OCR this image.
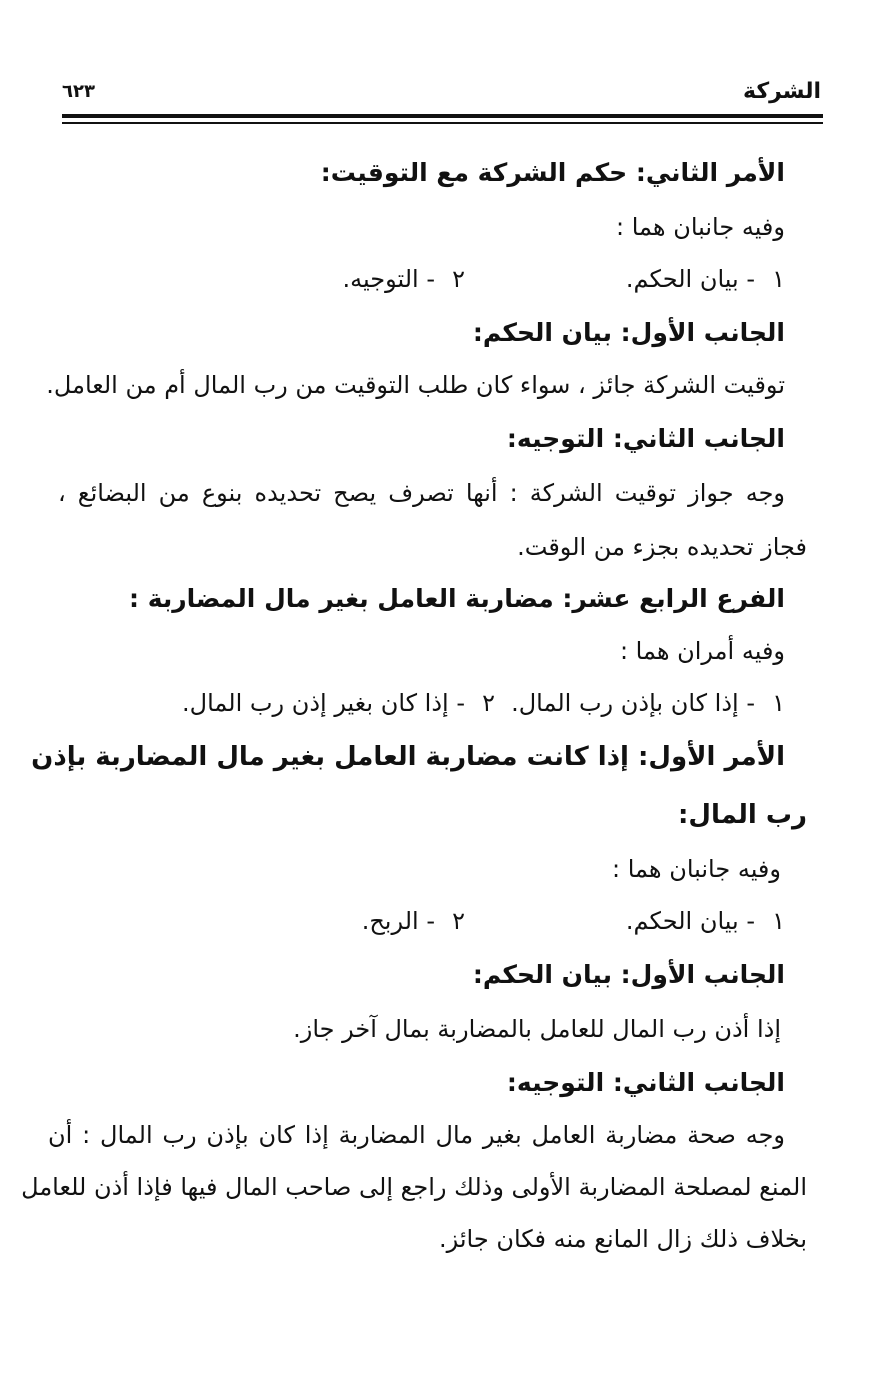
الشركة
٦٢٣
الأمر الثاني: حكم الشركة مع التوقيت:
وفيه جانبان هما :
١
- بيان الحكم.
٢
- التوجيه.
الجانب الأول: بيان الحكم:
توقيت الشركة جائز ، سواء كان طلب التوقيت من رب المال أم من العامل.
الجانب الثاني: التوجيه:
وجه جواز توقيت الشركة : أنها تصرف يصح تحديده بنوع من البضائع ،
فجاز تحديده بجزء من الوقت.
الفرع الرابع عشر: مضاربة العامل بغير مال المضاربة :
وفيه أمران هما :
١
- إذا كان بإذن رب المال.
٢
- إذا كان بغير إذن رب المال.
الأمر الأول: إذا كانت مضاربة العامل بغير مال المضاربة بإذن
رب المال:
وفيه جانبان هما :
١
- بيان الحكم.
٢
- الربح.
الجانب الأول: بيان الحكم:
إذا أذن رب المال للعامل بالمضاربة بمال آخر جاز.
الجانب الثاني: التوجيه:
وجه صحة مضاربة العامل بغير مال المضاربة إذا كان بإذن رب المال : أن
المنع لمصلحة المضاربة الأولى وذلك راجع إلى صاحب المال فيها فإذا أذن للعامل
بخلاف ذلك زال المانع منه فكان جائز.
